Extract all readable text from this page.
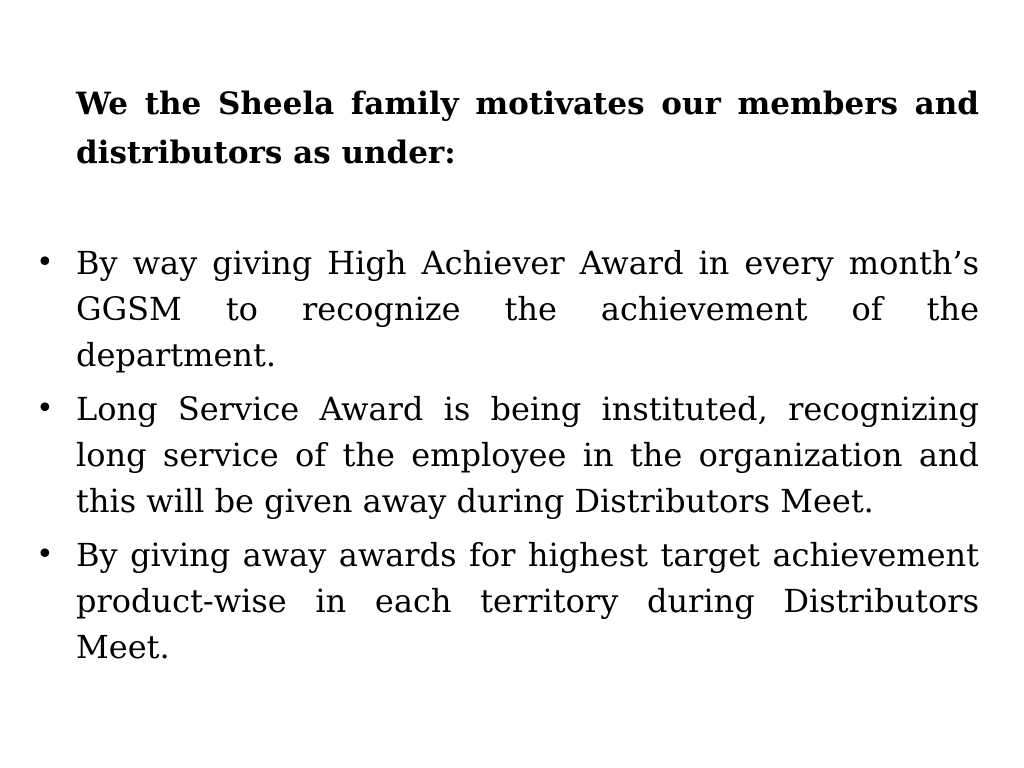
We the Sheela family motivates our members and distributors as under:

• By way giving High Achiever Award in every month’s GGSM to recognize the achievement of the department.
• Long Service Award is being instituted, recognizing long service of the employee in the organization and this will be given away during Distributors Meet.
• By giving away awards for highest target achievement product-wise in each territory during Distributors Meet.
